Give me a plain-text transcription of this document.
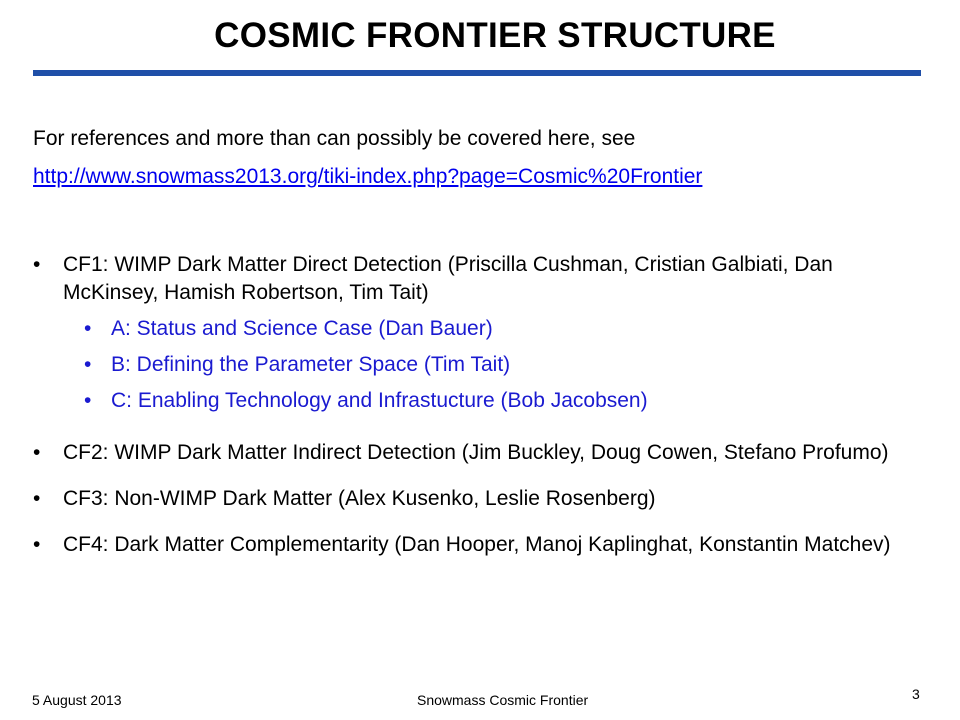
COSMIC FRONTIER STRUCTURE
For references and more than can possibly be covered here, see
http://www.snowmass2013.org/tiki-index.php?page=Cosmic%20Frontier
• CF1: WIMP Dark Matter Direct Detection (Priscilla Cushman, Cristian Galbiati, Dan McKinsey, Hamish Robertson, Tim Tait)
• A: Status and Science Case (Dan Bauer)
• B: Defining the Parameter Space (Tim Tait)
• C: Enabling Technology and Infrastucture (Bob Jacobsen)
• CF2: WIMP Dark Matter Indirect Detection (Jim Buckley, Doug Cowen, Stefano Profumo)
• CF3: Non-WIMP Dark Matter (Alex Kusenko, Leslie Rosenberg)
• CF4: Dark Matter Complementarity (Dan Hooper, Manoj Kaplinghat, Konstantin Matchev)
5 August 2013	Snowmass Cosmic Frontier	3
